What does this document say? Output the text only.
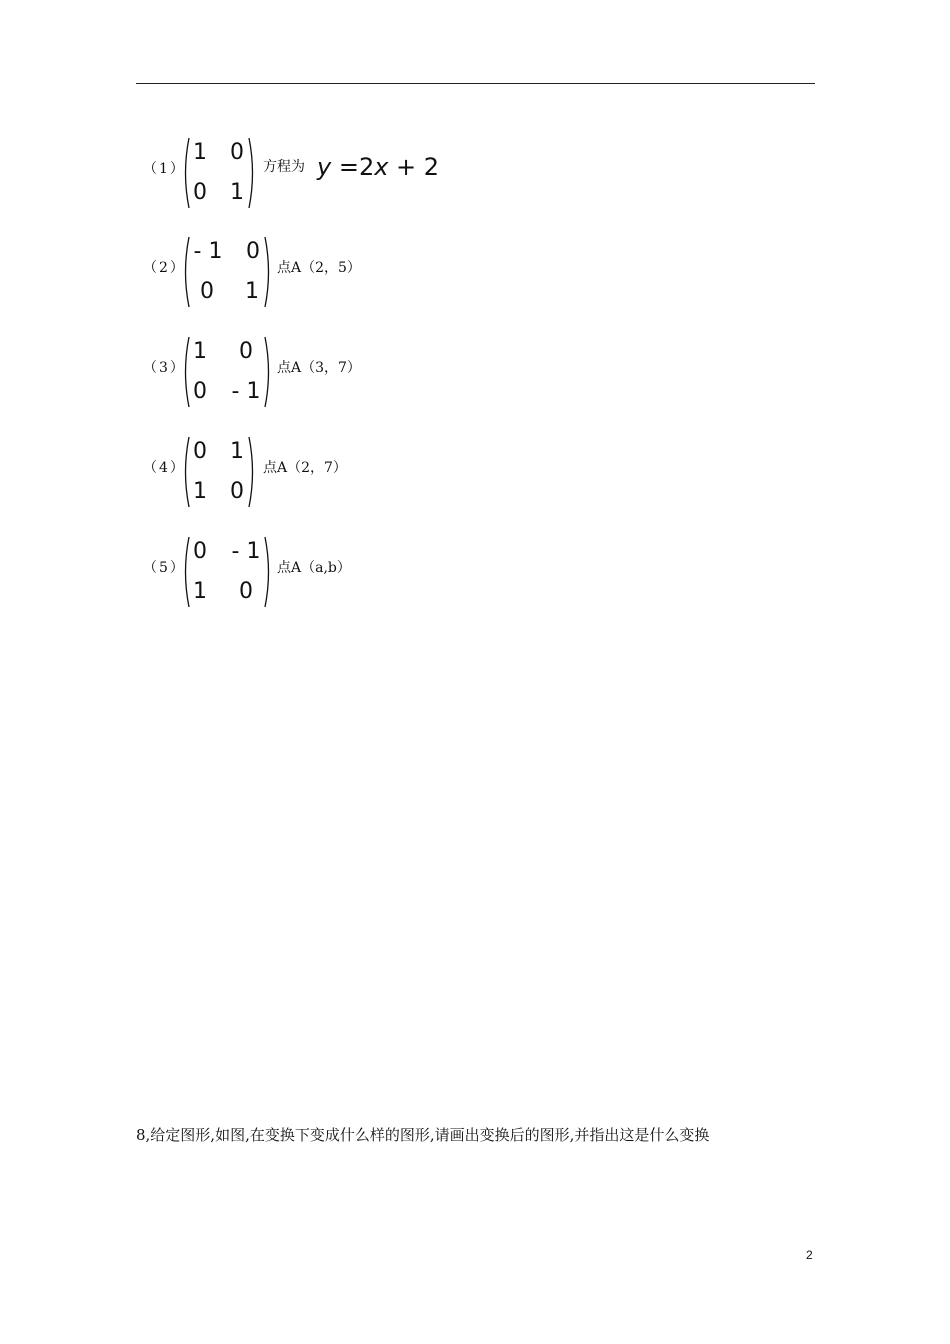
（1）
1	0
0	1
方程为 y =2x + 2
（2）
- 1	0
0	1
点A（2，5）
（3）
1	0
0	- 1
点A（3，7）
（4）
0	1
1	0
点A（2，7）
（5）
0	- 1
1	0
点A（a,b）
8,给定图形,如图,在变换下变成什么样的图形,请画出变换后的图形,并指出这是什么变换
2
